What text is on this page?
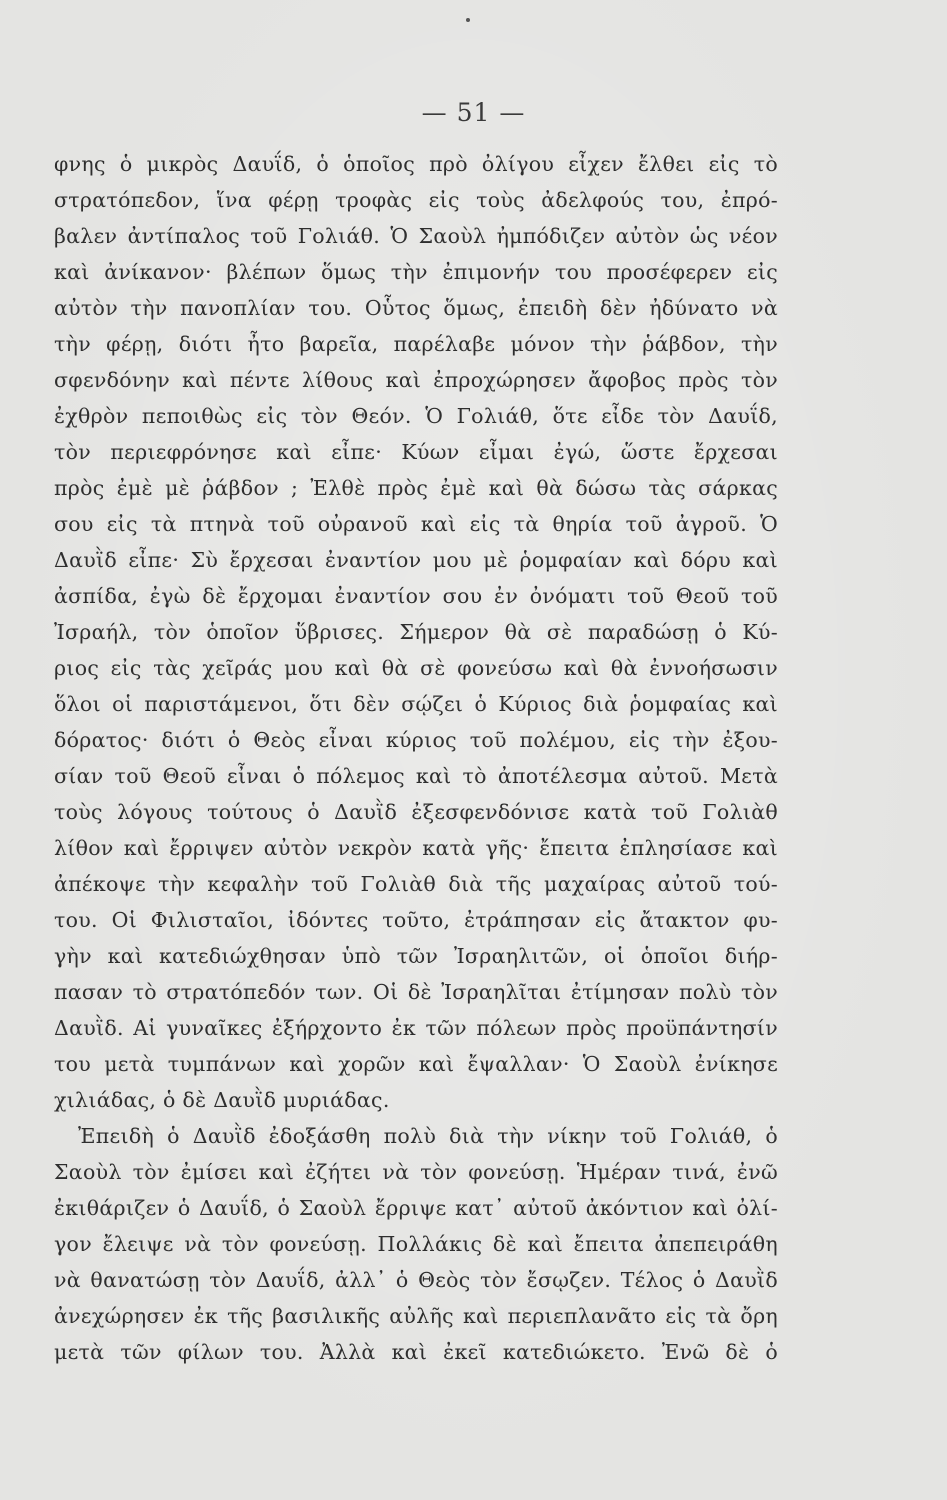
— 51 —
φνης ὁ μικρὸς Δαυΐδ, ὁ ὁποῖος πρὸ ὀλίγου εἶχεν ἔλθει εἰς τὸ
στρατόπεδον, ἵνα φέρῃ τροφὰς εἰς τοὺς ἀδελφούς του, ἐπρό-
βαλεν ἀντίπαλος τοῦ Γολιάθ. Ὁ Σαοὺλ ἠμπόδιζεν αὐτὸν ὡς νέον
καὶ ἀνίκανον· βλέπων ὅμως τὴν ἐπιμονήν του προσέφερεν εἰς
αὐτὸν τὴν πανοπλίαν του. Οὗτος ὅμως, ἐπειδὴ δὲν ἠδύνατο νὰ
τὴν φέρῃ, διότι ἦτο βαρεῖα, παρέλαβε μόνον τὴν ῥάβδον, τὴν
σφενδόνην καὶ πέντε λίθους καὶ ἐπροχώρησεν ἄφοβος πρὸς τὸν
ἐχθρὸν πεποιθὼς εἰς τὸν Θεόν. Ὁ Γολιάθ, ὅτε εἶδε τὸν Δαυΐδ,
τὸν περιεφρόνησε καὶ εἶπε· Κύων εἶμαι ἐγώ, ὥστε ἔρχεσαι
πρὸς ἐμὲ μὲ ῥάβδον ; Ἐλθὲ πρὸς ἐμὲ καὶ θὰ δώσω τὰς σάρκας
σου εἰς τὰ πτηνὰ τοῦ οὐρανοῦ καὶ εἰς τὰ θηρία τοῦ ἀγροῦ. Ὁ
Δαυῒδ εἶπε· Σὺ ἔρχεσαι ἐναντίον μου μὲ ῥομφαίαν καὶ δόρυ καὶ
ἀσπίδα, ἐγὼ δὲ ἔρχομαι ἐναντίον σου ἐν ὀνόματι τοῦ Θεοῦ τοῦ
Ἰσραήλ, τὸν ὁποῖον ὕβρισες. Σήμερον θὰ σὲ παραδώσῃ ὁ Κύ-
ριος εἰς τὰς χεῖράς μου καὶ θὰ σὲ φονεύσω καὶ θὰ ἐννοήσωσιν
ὅλοι οἱ παριστάμενοι, ὅτι δὲν σῴζει ὁ Κύριος διὰ ῥομφαίας καὶ
δόρατος· διότι ὁ Θεὸς εἶναι κύριος τοῦ πολέμου, εἰς τὴν ἐξου-
σίαν τοῦ Θεοῦ εἶναι ὁ πόλεμος καὶ τὸ ἀποτέλεσμα αὐτοῦ. Μετὰ
τοὺς λόγους τούτους ὁ Δαυῒδ ἐξεσφενδόνισε κατὰ τοῦ Γολιὰθ
λίθον καὶ ἔρριψεν αὐτὸν νεκρὸν κατὰ γῆς· ἔπειτα ἐπλησίασε καὶ
ἀπέκοψε τὴν κεφαλὴν τοῦ Γολιὰθ διὰ τῆς μαχαίρας αὐτοῦ τού-
του. Οἱ Φιλισταῖοι, ἰδόντες τοῦτο, ἐτράπησαν εἰς ἄτακτον φυ-
γὴν καὶ κατεδιώχθησαν ὑπὸ τῶν Ἰσραηλιτῶν, οἱ ὁποῖοι διήρ-
πασαν τὸ στρατόπεδόν των. Οἱ δὲ Ἰσραηλῖται ἐτίμησαν πολὺ τὸν
Δαυῒδ. Αἱ γυναῖκες ἐξήρχοντο ἐκ τῶν πόλεων πρὸς προϋπάντησίν
του μετὰ τυμπάνων καὶ χορῶν καὶ ἔψαλλαν· Ὁ Σαοὺλ ἐνίκησε
χιλιάδας, ὁ δὲ Δαυῒδ μυριάδας.
Ἐπειδὴ ὁ Δαυῒδ ἐδοξάσθη πολὺ διὰ τὴν νίκην τοῦ Γολιάθ, ὁ
Σαοὺλ τὸν ἐμίσει καὶ ἐζήτει νὰ τὸν φονεύσῃ. Ἡμέραν τινά, ἐνῶ
ἐκιθάριζεν ὁ Δαυΐδ, ὁ Σαοὺλ ἔρριψε κατ᾽ αὐτοῦ ἀκόντιον καὶ ὀλί-
γον ἔλειψε νὰ τὸν φονεύσῃ. Πολλάκις δὲ καὶ ἔπειτα ἀπεπειράθη
νὰ θανατώσῃ τὸν Δαυΐδ, ἀλλ᾽ ὁ Θεὸς τὸν ἔσῳζεν. Τέλος ὁ Δαυῒδ
ἀνεχώρησεν ἐκ τῆς βασιλικῆς αὐλῆς καὶ περιεπλανᾶτο εἰς τὰ ὄρη
μετὰ τῶν φίλων του. Ἀλλὰ καὶ ἐκεῖ κατεδιώκετο. Ἐνῶ δὲ ὁ
